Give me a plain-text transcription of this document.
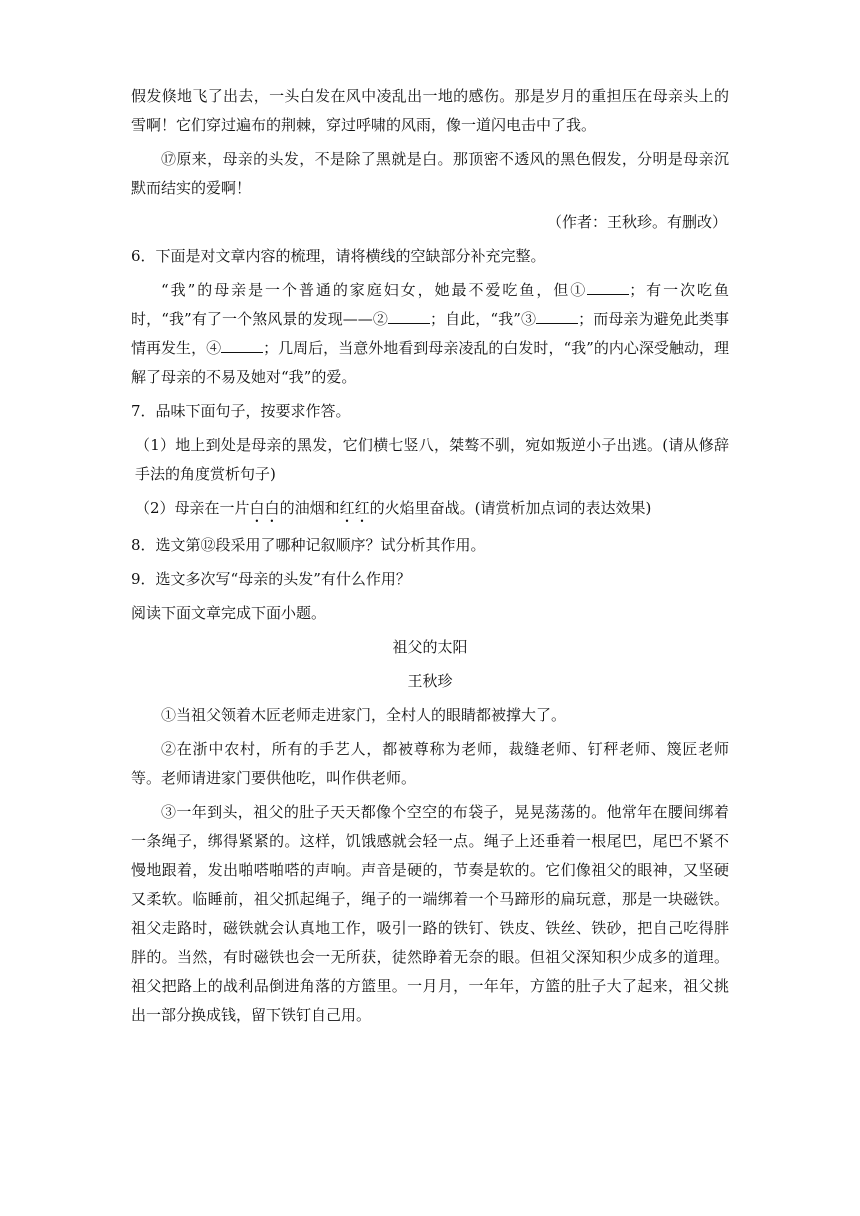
假发倏地飞了出去，一头白发在风中凌乱出一地的感伤。那是岁月的重担压在母亲头上的雪啊！它们穿过遍布的荆棘，穿过呼啸的风雨，像一道闪电击中了我。

⑰原来，母亲的头发，不是除了黑就是白。那顶密不透风的黑色假发，分明是母亲沉默而结实的爱啊！

（作者：王秋珍。有删改）

6．下面是对文章内容的梳理，请将横线的空缺部分补充完整。

“我”的母亲是一个普通的家庭妇女，她最不爱吃鱼，但①	；有一次吃鱼时，“我”有了一个煞风景的发现——②	；自此，“我”③	；而母亲为避免此类事情再发生，④	；几周后，当意外地看到母亲凌乱的白发时，“我”的内心深受触动，理解了母亲的不易及她对“我”的爱。

7．品味下面句子，按要求作答。

（1）地上到处是母亲的黑发，它们横七竖八，桀骜不驯，宛如叛逆小子出逃。(请从修辞手法的角度赏析句子)

（2）母亲在一片白白的油烟和红红的火焰里奋战。(请赏析加点词的表达效果)

8．选文第⑫段采用了哪种记叙顺序？试分析其作用。

9．选文多次写“母亲的头发”有什么作用？

阅读下面文章完成下面小题。

祖父的太阳

王秋珍

①当祖父领着木匠老师走进家门，全村人的眼睛都被撑大了。

②在浙中农村，所有的手艺人，都被尊称为老师，裁缝老师、钉秤老师、篾匠老师等。老师请进家门要供他吃，叫作供老师。

③一年到头，祖父的肚子天天都像个空空的布袋子，晃晃荡荡的。他常年在腰间绑着一条绳子，绑得紧紧的。这样，饥饿感就会轻一点。绳子上还垂着一根尾巴，尾巴不紧不慢地跟着，发出啪嗒啪嗒的声响。声音是硬的，节奏是软的。它们像祖父的眼神，又坚硬又柔软。临睡前，祖父抓起绳子，绳子的一端绑着一个马蹄形的扁玩意，那是一块磁铁。祖父走路时，磁铁就会认真地工作，吸引一路的铁钉、铁皮、铁丝、铁砂，把自己吃得胖胖的。当然，有时磁铁也会一无所获，徒然睁着无奈的眼。但祖父深知积少成多的道理。祖父把路上的战利品倒进角落的方篮里。一月月，一年年，方篮的肚子大了起来，祖父挑出一部分换成钱，留下铁钉自己用。
